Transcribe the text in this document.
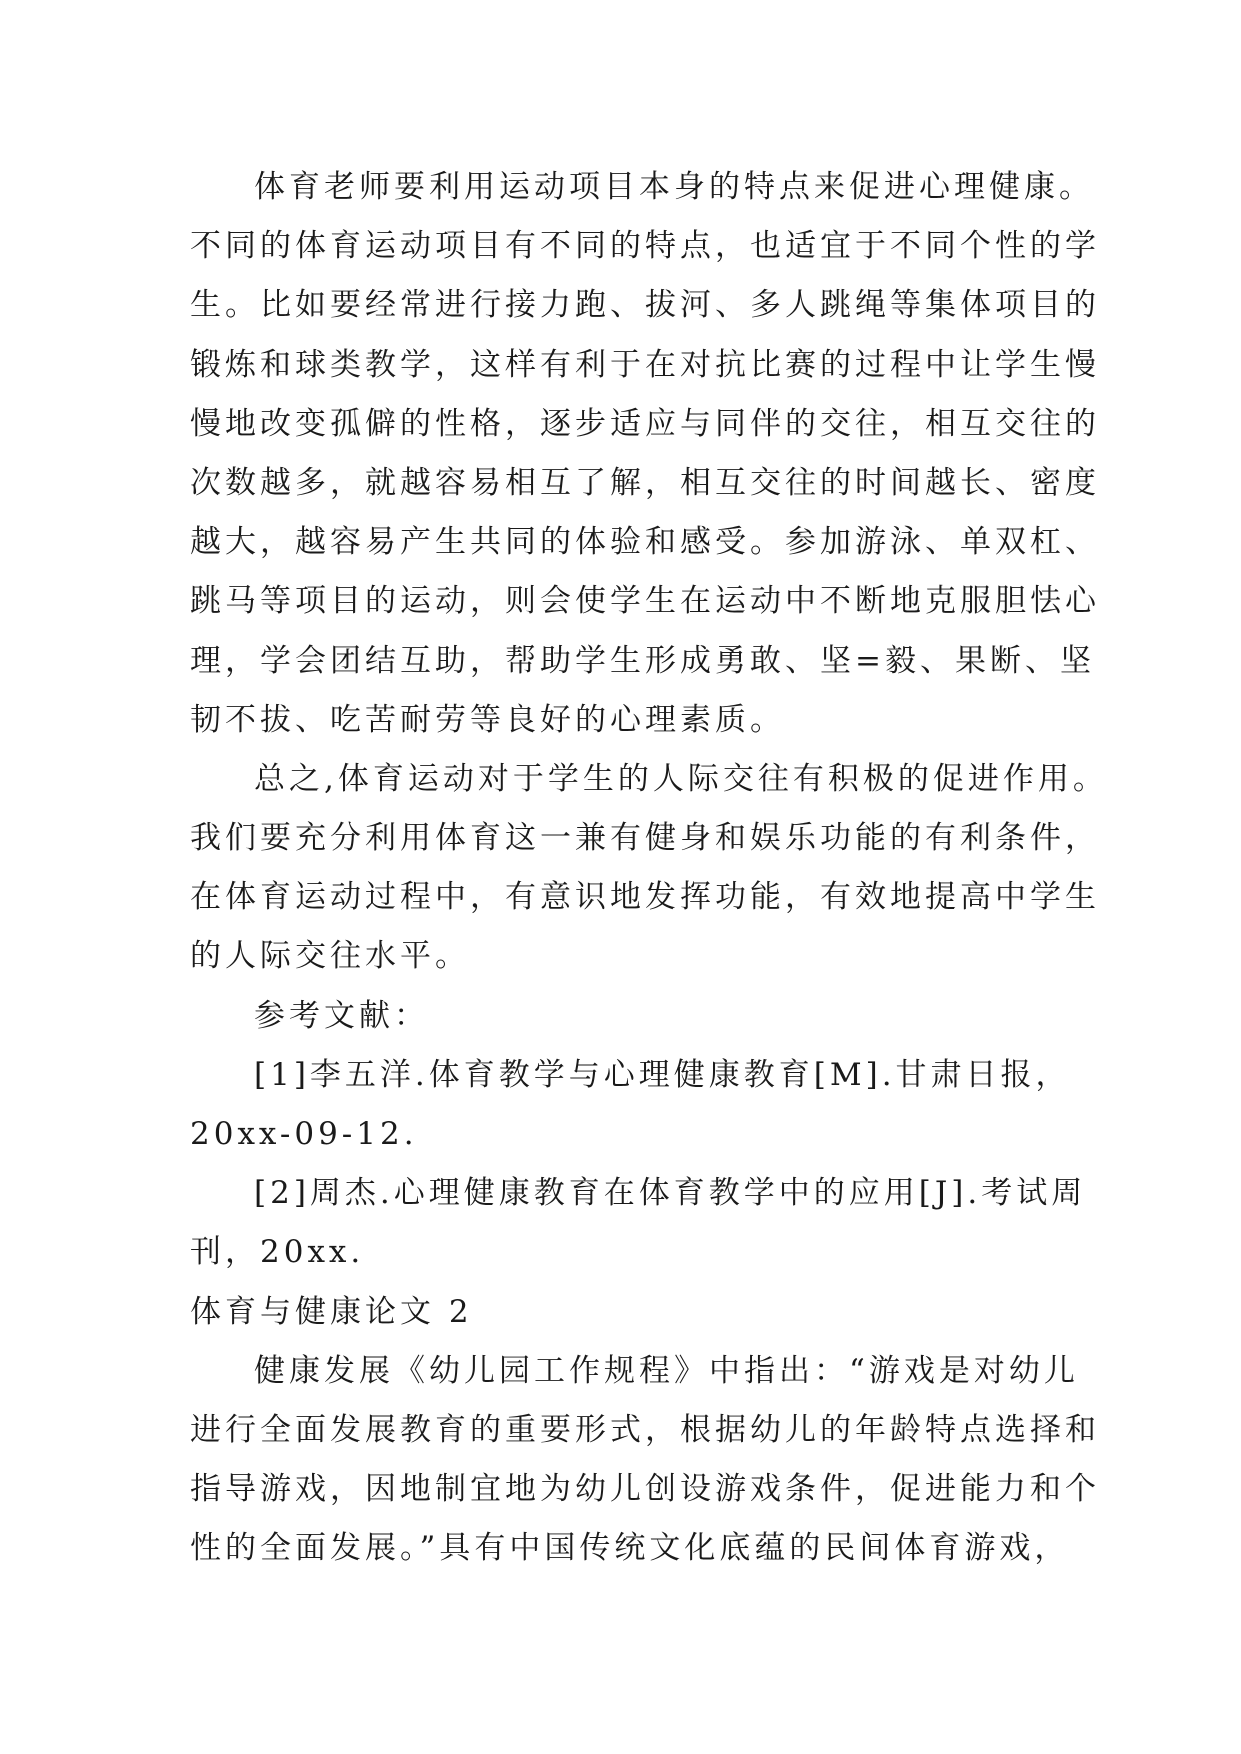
体育老师要利用运动项目本身的特点来促进心理健康。
不同的体育运动项目有不同的特点，也适宜于不同个性的学
生。比如要经常进行接力跑、拔河、多人跳绳等集体项目的
锻炼和球类教学，这样有利于在对抗比赛的过程中让学生慢
慢地改变孤僻的性格，逐步适应与同伴的交往，相互交往的
次数越多，就越容易相互了解，相互交往的时间越长、密度
越大，越容易产生共同的体验和感受。参加游泳、单双杠、
跳马等项目的运动，则会使学生在运动中不断地克服胆怯心
理，学会团结互助，帮助学生形成勇敢、坚=毅、果断、坚
韧不拔、吃苦耐劳等良好的心理素质。
总之,体育运动对于学生的人际交往有积极的促进作用。
我们要充分利用体育这一兼有健身和娱乐功能的有利条件，
在体育运动过程中，有意识地发挥功能，有效地提高中学生
的人际交往水平。
参考文献：
[1]李五洋.体育教学与心理健康教育[M].甘肃日报，
20xx-09-12.
[2]周杰.心理健康教育在体育教学中的应用[J].考试周
刊，20xx.
体育与健康论文 2
健康发展《幼儿园工作规程》中指出：“游戏是对幼儿
进行全面发展教育的重要形式，根据幼儿的年龄特点选择和
指导游戏，因地制宜地为幼儿创设游戏条件，促进能力和个
性的全面发展。”具有中国传统文化底蕴的民间体育游戏，
